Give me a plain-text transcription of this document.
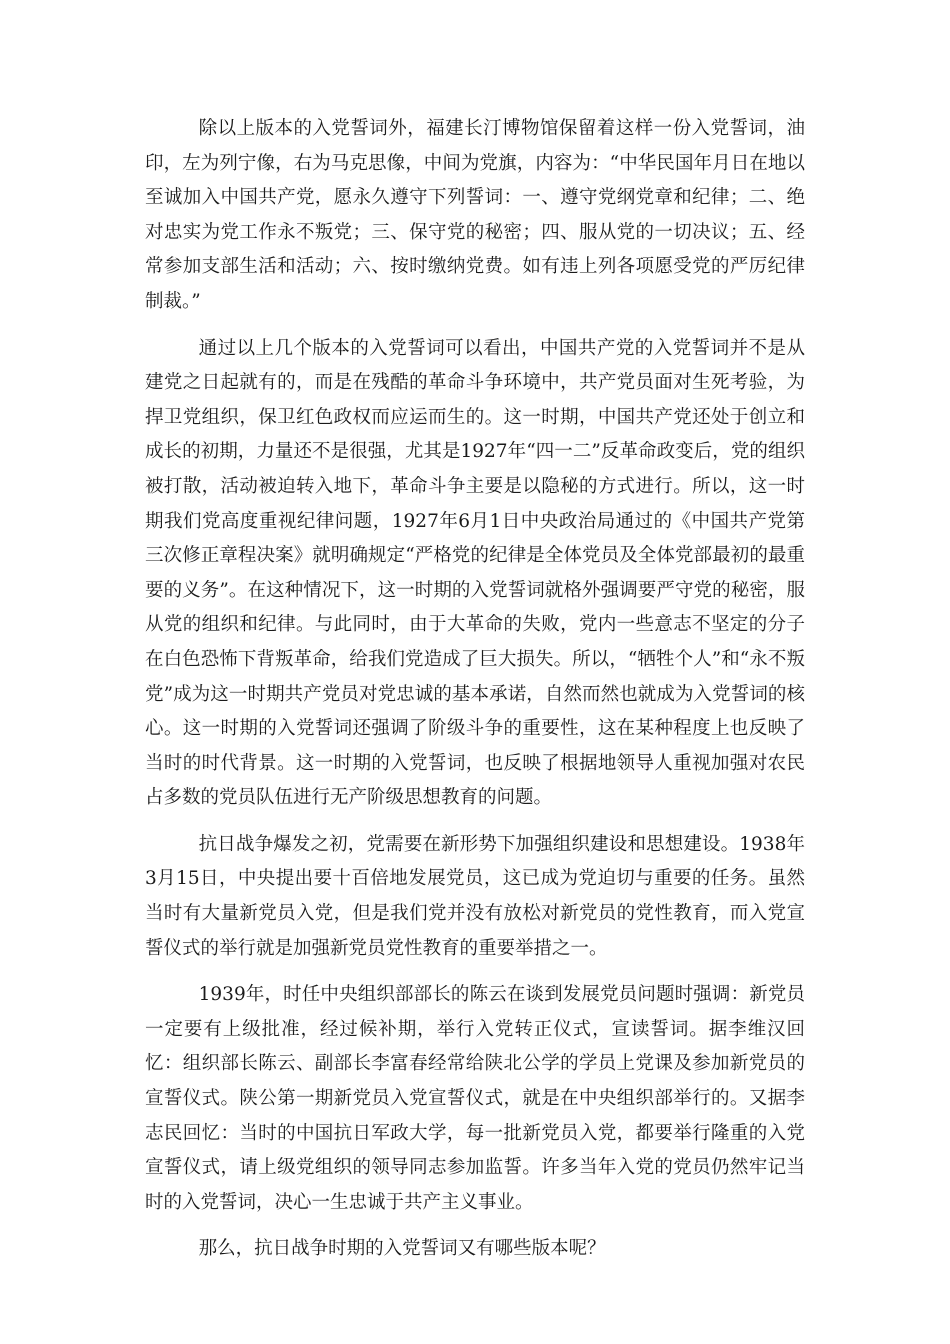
除以上版本的入党誓词外，福建长汀博物馆保留着这样一份入党誓词，油印，左为列宁像，右为马克思像，中间为党旗，内容为：“中华民国年月日在地以至诚加入中国共产党，愿永久遵守下列誓词：一、遵守党纲党章和纪律；二、绝对忠实为党工作永不叛党；三、保守党的秘密；四、服从党的一切决议；五、经常参加支部生活和活动；六、按时缴纳党费。如有违上列各项愿受党的严厉纪律制裁。”

通过以上几个版本的入党誓词可以看出，中国共产党的入党誓词并不是从建党之日起就有的，而是在残酷的革命斗争环境中，共产党员面对生死考验，为捍卫党组织，保卫红色政权而应运而生的。这一时期，中国共产党还处于创立和成长的初期，力量还不是很强，尤其是1927年“四一二”反革命政变后，党的组织被打散，活动被迫转入地下，革命斗争主要是以隐秘的方式进行。所以，这一时期我们党高度重视纪律问题，1927年6月1日中央政治局通过的《中国共产党第三次修正章程决案》就明确规定“严格党的纪律是全体党员及全体党部最初的最重要的义务”。在这种情况下，这一时期的入党誓词就格外强调要严守党的秘密，服从党的组织和纪律。与此同时，由于大革命的失败，党内一些意志不坚定的分子在白色恐怖下背叛革命，给我们党造成了巨大损失。所以，“牺牲个人”和“永不叛党”成为这一时期共产党员对党忠诚的基本承诺，自然而然也就成为入党誓词的核心。这一时期的入党誓词还强调了阶级斗争的重要性，这在某种程度上也反映了当时的时代背景。这一时期的入党誓词，也反映了根据地领导人重视加强对农民占多数的党员队伍进行无产阶级思想教育的问题。

抗日战争爆发之初，党需要在新形势下加强组织建设和思想建设。1938年3月15日，中央提出要十百倍地发展党员，这已成为党迫切与重要的任务。虽然当时有大量新党员入党，但是我们党并没有放松对新党员的党性教育，而入党宣誓仪式的举行就是加强新党员党性教育的重要举措之一。

1939年，时任中央组织部部长的陈云在谈到发展党员问题时强调：新党员一定要有上级批准，经过候补期，举行入党转正仪式，宣读誓词。据李维汉回忆：组织部长陈云、副部长李富春经常给陕北公学的学员上党课及参加新党员的宣誓仪式。陕公第一期新党员入党宣誓仪式，就是在中央组织部举行的。又据李志民回忆：当时的中国抗日军政大学，每一批新党员入党，都要举行隆重的入党宣誓仪式，请上级党组织的领导同志参加监誓。许多当年入党的党员仍然牢记当时的入党誓词，决心一生忠诚于共产主义事业。

那么，抗日战争时期的入党誓词又有哪些版本呢？
